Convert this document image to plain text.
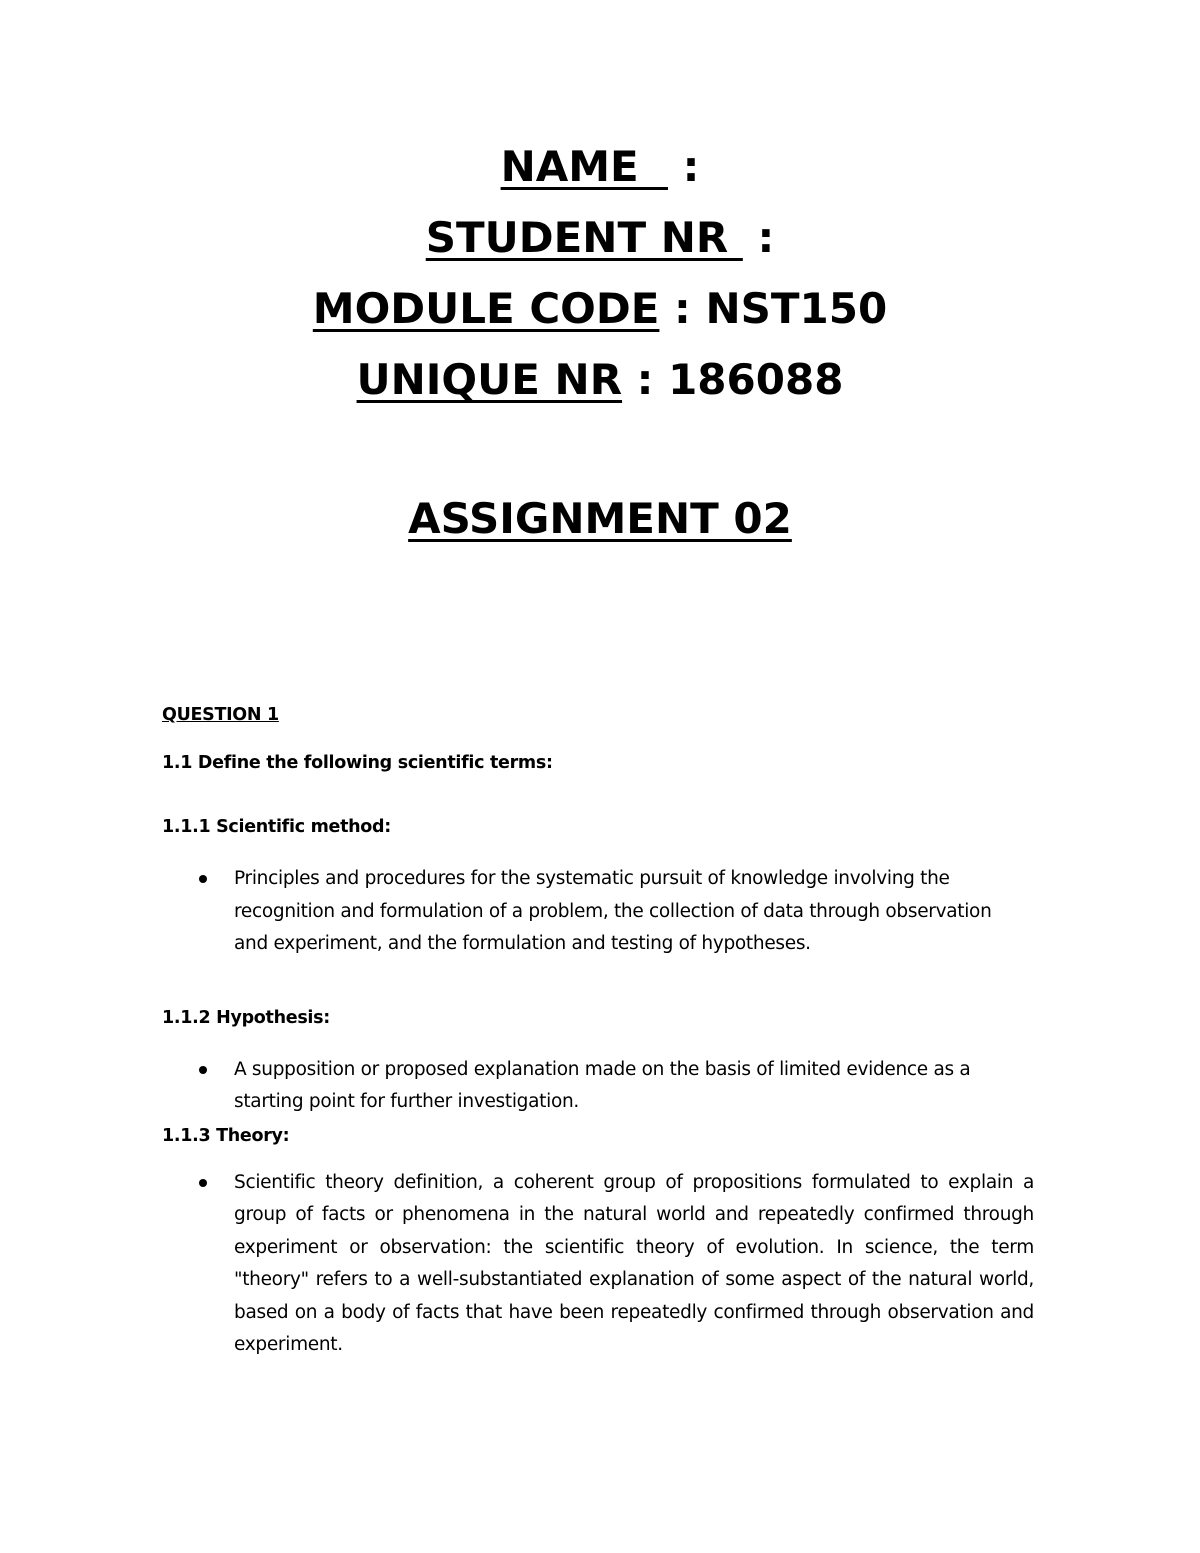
NAME   :
STUDENT NR  :
MODULE CODE : NST150
UNIQUE NR : 186088
ASSIGNMENT 02

QUESTION 1

1.1 Define the following scientific terms:

1.1.1 Scientific method:

Principles and procedures for the systematic pursuit of knowledge involving the recognition and formulation of a problem, the collection of data through observation and experiment, and the formulation and testing of hypotheses.

1.1.2 Hypothesis:

A supposition or proposed explanation made on the basis of limited evidence as a starting point for further investigation.

1.1.3 Theory:

Scientific theory definition, a coherent group of propositions formulated to explain a group of facts or phenomena in the natural world and repeatedly confirmed through experiment or observation: the scientific theory of evolution. In science, the term "theory" refers to a well-substantiated explanation of some aspect of the natural world, based on a body of facts that have been repeatedly confirmed through observation and experiment.
